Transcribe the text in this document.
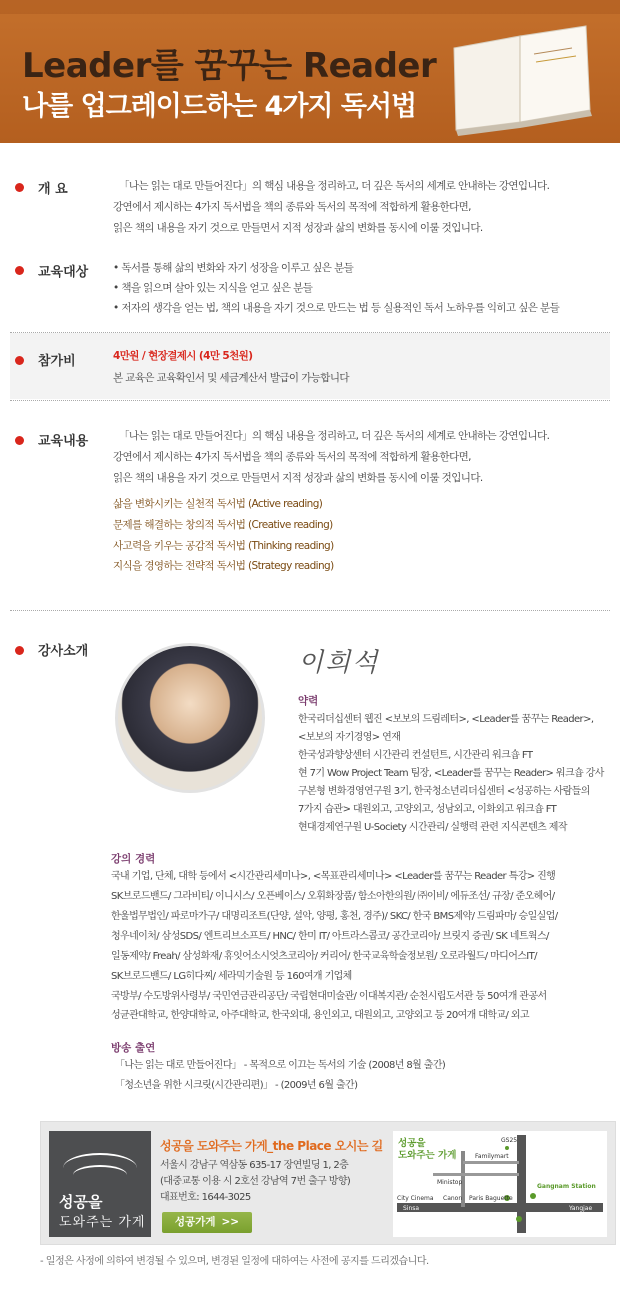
Leader를 꿈꾸는 Reader
나를 업그레이드하는 4가지 독서법
개 요	「나는 읽는 대로 만들어진다」의 핵심 내용을 정리하고, 더 깊은 독서의 세계로 안내하는 강연입니다.
강연에서 제시하는 4가지 독서법을 책의 종류와 독서의 목적에 적합하게 활용한다면,
읽은 책의 내용을 자기 것으로 만들면서 지적 성장과 삶의 변화를 동시에 이룰 것입니다.
교육대상 • 독서를 통해 삶의 변화와 자기 성장을 이루고 싶은 분들
• 책을 읽으며 살아 있는 지식을 얻고 싶은 분들
• 저자의 생각을 얻는 법, 책의 내용을 자기 것으로 만드는 법 등 실용적인 독서 노하우를 익히고 싶은 분들
참가비	4만원 / 현장결제시 (4만 5천원)
본 교육은 교육확인서 및 세금계산서 발급이 가능합니다
교육내용	「나는 읽는 대로 만들어진다」의 핵심 내용을 정리하고, 더 깊은 독서의 세계로 안내하는 강연입니다.
강연에서 제시하는 4가지 독서법을 책의 종류와 독서의 목적에 적합하게 활용한다면,
읽은 책의 내용을 자기 것으로 만들면서 지적 성장과 삶의 변화를 동시에 이룰 것입니다.
삶을 변화시키는 실천적 독서법 (Active reading)
문제를 해결하는 창의적 독서법 (Creative reading)
사고력을 키우는 공감적 독서법 (Thinking reading)
지식을 경영하는 전략적 독서법 (Strategy reading)
강사소개	이희석
약력
한국리더십센터 웹진 <보보의 드림레터>, <Leader를 꿈꾸는 Reader>,
<보보의 자기경영> 연재
한국성과향상센터 시간관리 컨설턴트, 시간관리 워크숍 FT
현 7기 Wow Project Team 팀장, <Leader를 꿈꾸는 Reader> 워크숍 강사
구본형 변화경영연구원 3기, 한국청소년리더십센터 <성공하는 사람들의
7가지 습관> 대원외고, 고양외고, 성남외고, 이화외고 워크숍 FT
현대경제연구원 U-Society 시간관리/ 실행력 관련 지식콘텐츠 제작
강의 경력
국내 기업, 단체, 대학 등에서 <시간관리세미나>, <목표관리세미나> <Leader를 꿈꾸는 Reader 특강> 진행
SK브로드밴드/ 그라비티/ 이니시스/ 오픈베이스/ 오휘화장품/ 함소아한의원/ ㈜이비/ 에듀조선/ 규장/ 준오헤어/
한울법무법인/ 파로마가구/ 대명리조트(단양, 설악, 양평, 홍천, 경주)/ SKC/ 한국 BMS제약/ 드림파마/ 승일실업/
청우네이처/ 삼성SDS/ 엔트리브소프트/ HNC/ 한미 IT/ 아트라스콥코/ 공간코리아/ 브릿지 증권/ SK 네트웍스/
일동제약/ Freah/ 삼성화재/ 휴잇어소시엇츠코리아/ 커리어/ 한국교육학술정보원/ 오로라월드/ 마디어스IT/
SK브로드밴드/ LG히다찌/ 세라믹기술원 등 160여개 기업체
국방부/ 수도방위사령부/ 국민연금관리공단/ 국립현대미술관/ 이대복지관/ 순천시립도서관 등 50여개 관공서
성균관대학교, 한양대학교, 아주대학교, 한국외대, 용인외고, 대원외고, 고양외고 등 20여개 대학교/ 외고
방송 출연
「나는 읽는 대로 만들어진다」 - 목적으로 이끄는 독서의 기술 (2008년 8월 출간)
「청소년을 위한 시크릿(시간관리편)」 - (2009년 6월 출간)
성공을
도와주는 가게
성공을 도와주는 가게_the Place 오시는 길
서울시 강남구 역삼동 635-17 장연빌딩 1, 2층
(대중교통 이용 시 2호선 강남역 7번 출구 방향)
대표번호: 1644-3025
성공가게 >>
성공을
도와주는 가게
GS25
Familymart
Ministop
City Cinema Canon Paris Baguette
Gangnam Station
Sinsa	Yangjae
- 일정은 사정에 의하여 변경될 수 있으며, 변경된 일정에 대하여는 사전에 공지를 드리겠습니다.
